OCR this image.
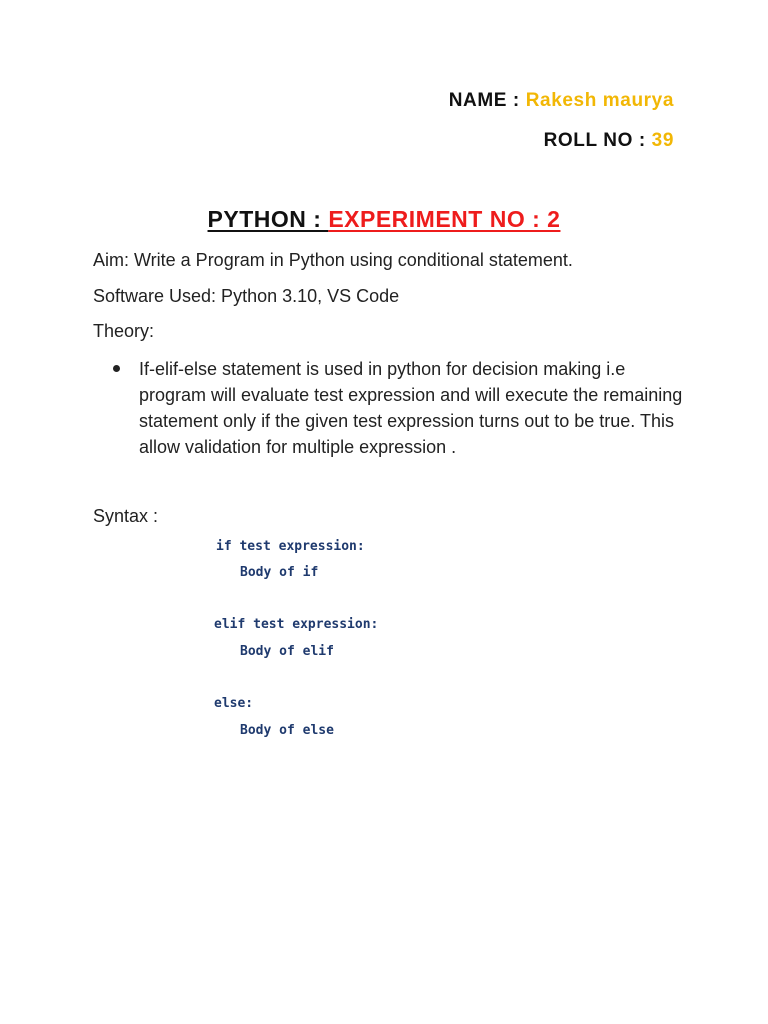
NAME : Rakesh maurya
ROLL NO : 39
PYTHON : EXPERIMENT NO : 2
Aim: Write a Program in Python using conditional statement.
Software Used: Python 3.10, VS Code
Theory:
If-elif-else statement is used in python for decision making i.e program will evaluate test expression and will execute the remaining statement only if the given test expression turns out to be true. This allow validation for multiple expression .
Syntax :
if test expression:
Body of if
elif test expression:
Body of elif
else:
Body of else
